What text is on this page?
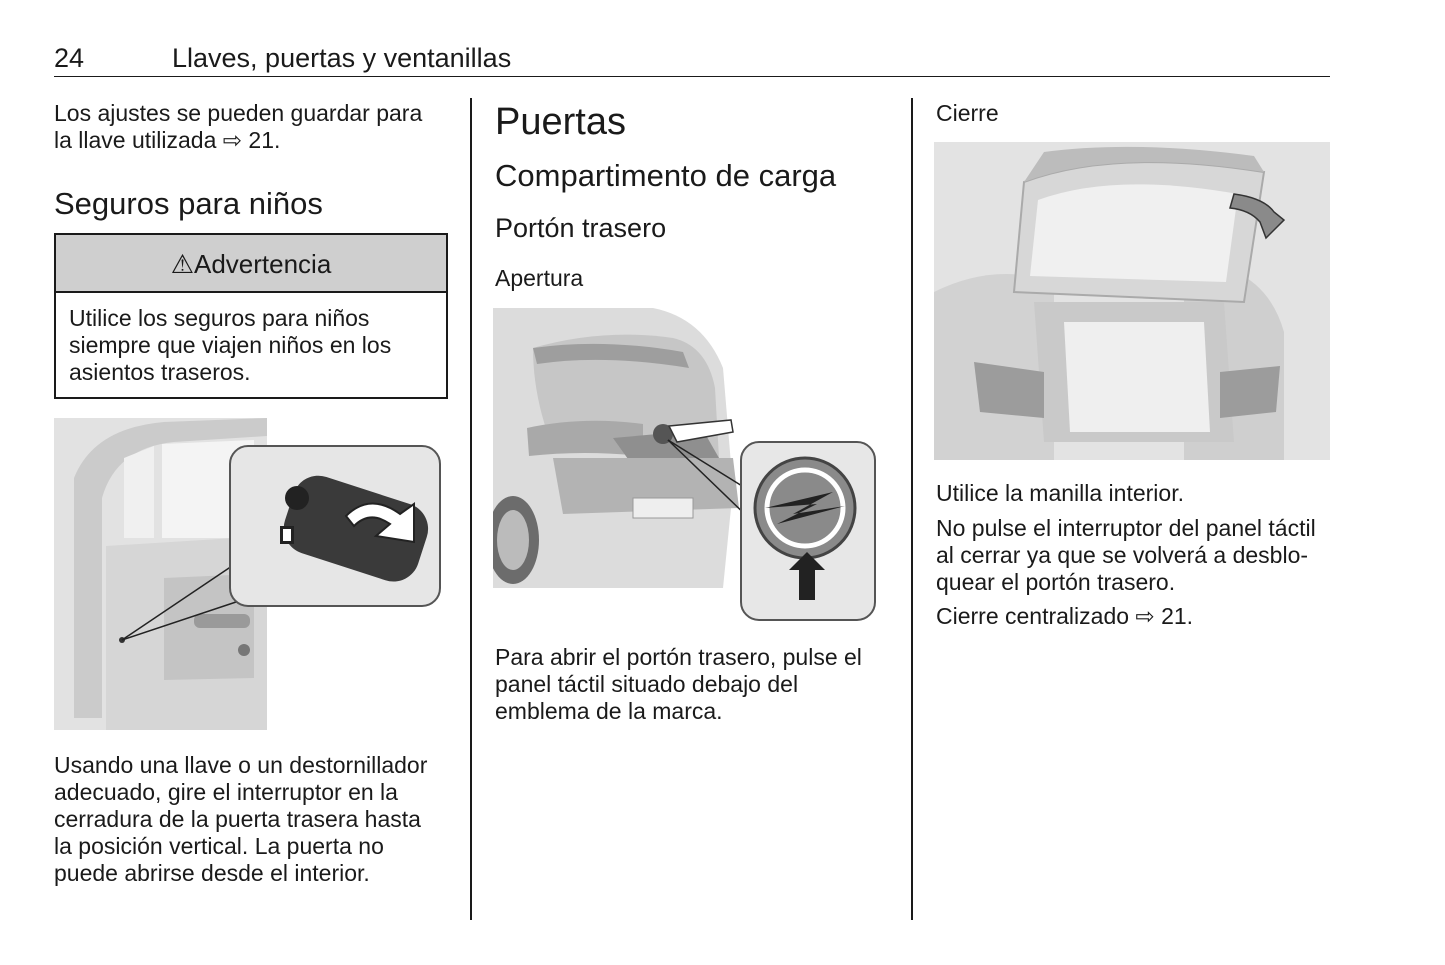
24	Llaves, puertas y ventanillas

Los ajustes se pueden guardar para
la llave utilizada ⇨ 21.

Seguros para niños

⚠Advertencia
Utilice los seguros para niños
siempre que viajen niños en los
asientos traseros.

Usando una llave o un destornillador
adecuado, gire el interruptor en la
cerradura de la puerta trasera hasta
la posición vertical. La puerta no
puede abrirse desde el interior.

Puertas

Compartimento de carga

Portón trasero

Apertura

Para abrir el portón trasero, pulse el
panel táctil situado debajo del
emblema de la marca.

Cierre

Utilice la manilla interior.

No pulse el interruptor del panel táctil
al cerrar ya que se volverá a desblo-
quear el portón trasero.

Cierre centralizado ⇨ 21.
